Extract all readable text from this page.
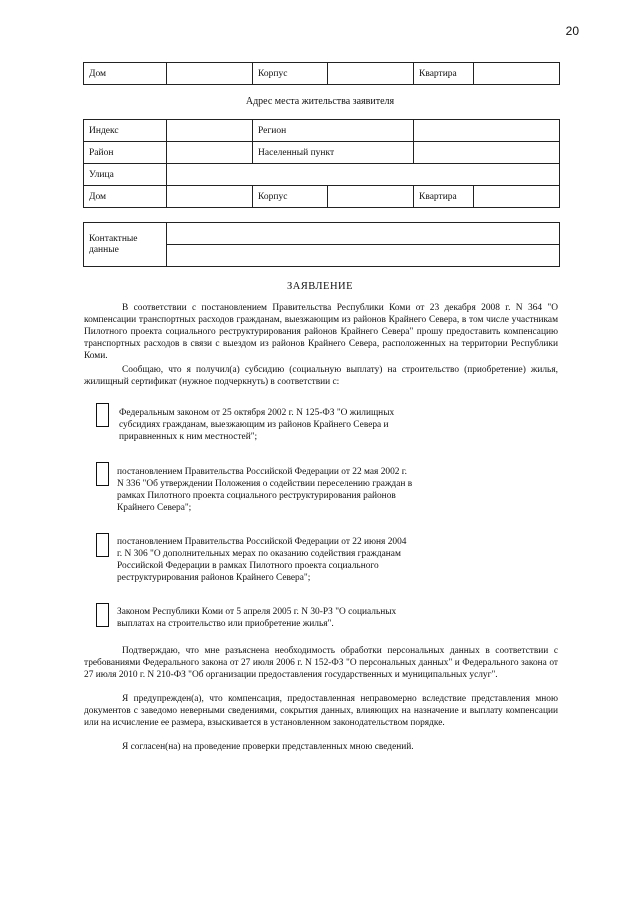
20
Дом		Корпус		Квартира	
Адрес места жительства заявителя
Индекс		Регион			
Район		Населенный пункт			
Улица					
Дом		Корпус		Квартира	
Контактные данные	

ЗАЯВЛЕНИЕ
В соответствии с постановлением Правительства Республики Коми от 23 декабря 2008 г. N 364 "О компенсации транспортных расходов гражданам, выезжающим из районов Крайнего Севера, в том числе участникам Пилотного проекта социального реструктурирования районов Крайнего Севера" прошу предоставить компенсацию транспортных расходов в связи с выездом из районов Крайнего Севера, расположенных на территории Республики Коми.
Сообщаю, что я получил(а) субсидию (социальную выплату) на строительство (приобретение) жилья, жилищный сертификат (нужное подчеркнуть) в соответствии с:
Федеральным законом от 25 октября 2002 г. N 125-ФЗ "О жилищных
субсидиях гражданам, выезжающим из районов Крайнего Севера и
приравненных к ним местностей";
постановлением Правительства Российской Федерации от 22 мая 2002 г.
N 336 "Об утверждении Положения о содействии переселению граждан в
рамках Пилотного проекта социального реструктурирования районов
Крайнего Севера";
постановлением Правительства Российской Федерации от 22 июня 2004
г. N 306 "О дополнительных мерах по оказанию содействия гражданам
Российской Федерации в рамках Пилотного проекта социального
реструктурирования районов Крайнего Севера";
Законом Республики Коми от 5 апреля 2005 г. N 30-РЗ "О социальных
выплатах на строительство или приобретение жилья".
Подтверждаю, что мне разъяснена необходимость обработки персональных данных в соответствии с требованиями Федерального закона от 27 июля 2006 г. N 152-ФЗ "О персональных данных" и Федерального закона от 27 июля 2010 г. N 210-ФЗ "Об организации предоставления государственных и муниципальных услуг".
Я предупрежден(а), что компенсация, предоставленная неправомерно вследствие представления мною документов с заведомо неверными сведениями, сокрытия данных, влияющих на назначение и выплату компенсации или на исчисление ее размера, взыскивается в установленном законодательством порядке.
Я согласен(на) на проведение проверки представленных мною сведений.
